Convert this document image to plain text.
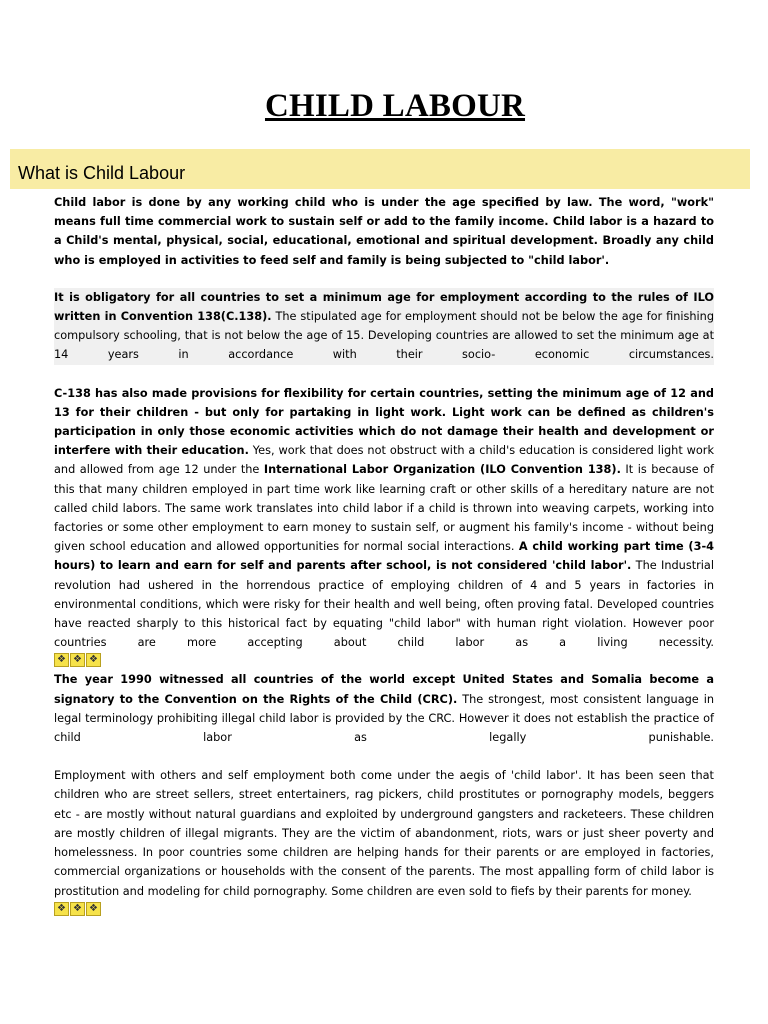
CHILD LABOUR
What is Child Labour

Child labor is done by any working child who is under the age specified by law. The word, "work" means full time commercial work to sustain self or add to the family income. Child labor is a hazard to a Child's mental, physical, social, educational, emotional and spiritual development. Broadly any child who is employed in activities to feed self and family is being subjected to "child labor'.

It is obligatory for all countries to set a minimum age for employment according to the rules of ILO written in Convention 138(C.138). The stipulated age for employment should not be below the age for finishing compulsory schooling, that is not below the age of 15. Developing countries are allowed to set the minimum age at 14 years in accordance with their socio- economic circumstances.

C-138 has also made provisions for flexibility for certain countries, setting the minimum age of 12 and 13 for their children - but only for partaking in light work. Light work can be defined as children's participation in only those economic activities which do not damage their health and development or interfere with their education. Yes, work that does not obstruct with a child's education is considered light work and allowed from age 12 under the International Labor Organization (ILO Convention 138). It is because of this that many children employed in part time work like learning craft or other skills of a hereditary nature are not called child labors. The same work translates into child labor if a child is thrown into weaving carpets, working into factories or some other employment to earn money to sustain self, or augment his family's income - without being given school education and allowed opportunities for normal social interactions. A child working part time (3-4 hours) to learn and earn for self and parents after school, is not considered 'child labor'. The Industrial revolution had ushered in the horrendous practice of employing children of 4 and 5 years in factories in environmental conditions, which were risky for their health and well being, often proving fatal. Developed countries have reacted sharply to this historical fact by equating "child labor" with human right violation. However poor countries are more accepting about child labor as a living necessity.

❖ ❖ ❖

The year 1990 witnessed all countries of the world except United States and Somalia become a signatory to the Convention on the Rights of the Child (CRC). The strongest, most consistent language in legal terminology prohibiting illegal child labor is provided by the CRC. However it does not establish the practice of child labor as legally punishable.

Employment with others and self employment both come under the aegis of 'child labor'. It has been seen that children who are street sellers, street entertainers, rag pickers, child prostitutes or pornography models, beggers etc - are mostly without natural guardians and exploited by underground gangsters and racketeers. These children are mostly children of illegal migrants. They are the victim of abandonment, riots, wars or just sheer poverty and homelessness. In poor countries some children are helping hands for their parents or are employed in factories, commercial organizations or households with the consent of the parents. The most appalling form of child labor is prostitution and modeling for child pornography. Some children are even sold to fiefs by their parents for money.

❖ ❖ ❖
